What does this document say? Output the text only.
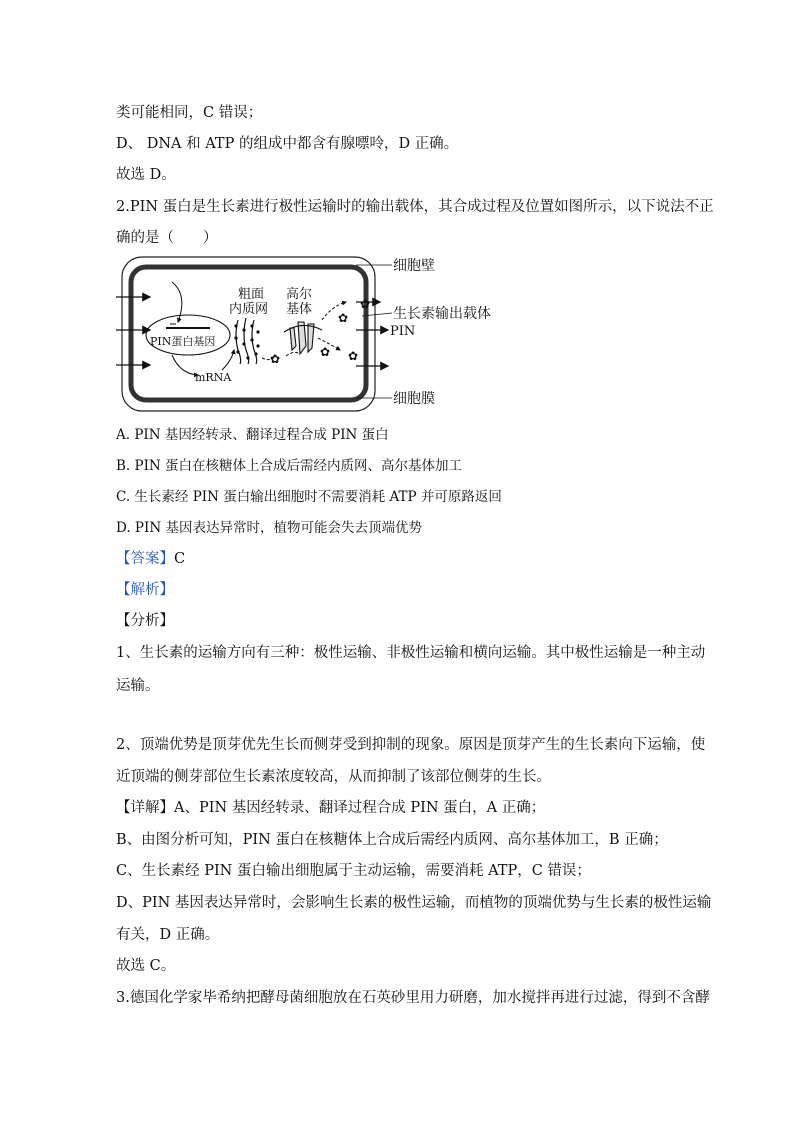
类可能相同，C 错误；
D、 DNA 和 ATP 的组成中都含有腺嘌呤，D 正确。
故选 D。
2.PIN 蛋白是生长素进行极性运输时的输出载体，其合成过程及位置如图所示，以下说法不正
确的是（　　）
PIN蛋白基因
mRNA
粗面
内质网
高尔
基体
✿	✿ ✿
✿
✿
细胞壁
生长素输出载体
PIN
细胞膜
A. PIN 基因经转录、翻译过程合成 PIN 蛋白
B. PIN 蛋白在核糖体上合成后需经内质网、高尔基体加工
C. 生长素经 PIN 蛋白输出细胞时不需要消耗 ATP 并可原路返回
D. PIN 基因表达异常时，植物可能会失去顶端优势
【答案】C
【解析】
【分析】
1、生长素的运输方向有三种：极性运输、非极性运输和横向运输。其中极性运输是一种主动
运输。
2、顶端优势是顶芽优先生长而侧芽受到抑制的现象。原因是顶芽产生的生长素向下运输，使
近顶端的侧芽部位生长素浓度较高，从而抑制了该部位侧芽的生长。
【详解】A、PIN 基因经转录、翻译过程合成 PIN 蛋白，A 正确；
B、由图分析可知，PIN 蛋白在核糖体上合成后需经内质网、高尔基体加工，B 正确；
C、生长素经 PIN 蛋白输出细胞属于主动运输，需要消耗 ATP，C 错误；
D、PIN 基因表达异常时，会影响生长素的极性运输，而植物的顶端优势与生长素的极性运输
有关，D 正确。
故选 C。
3.德国化学家毕希纳把酵母菌细胞放在石英砂里用力研磨，加水搅拌再进行过滤，得到不含酵
